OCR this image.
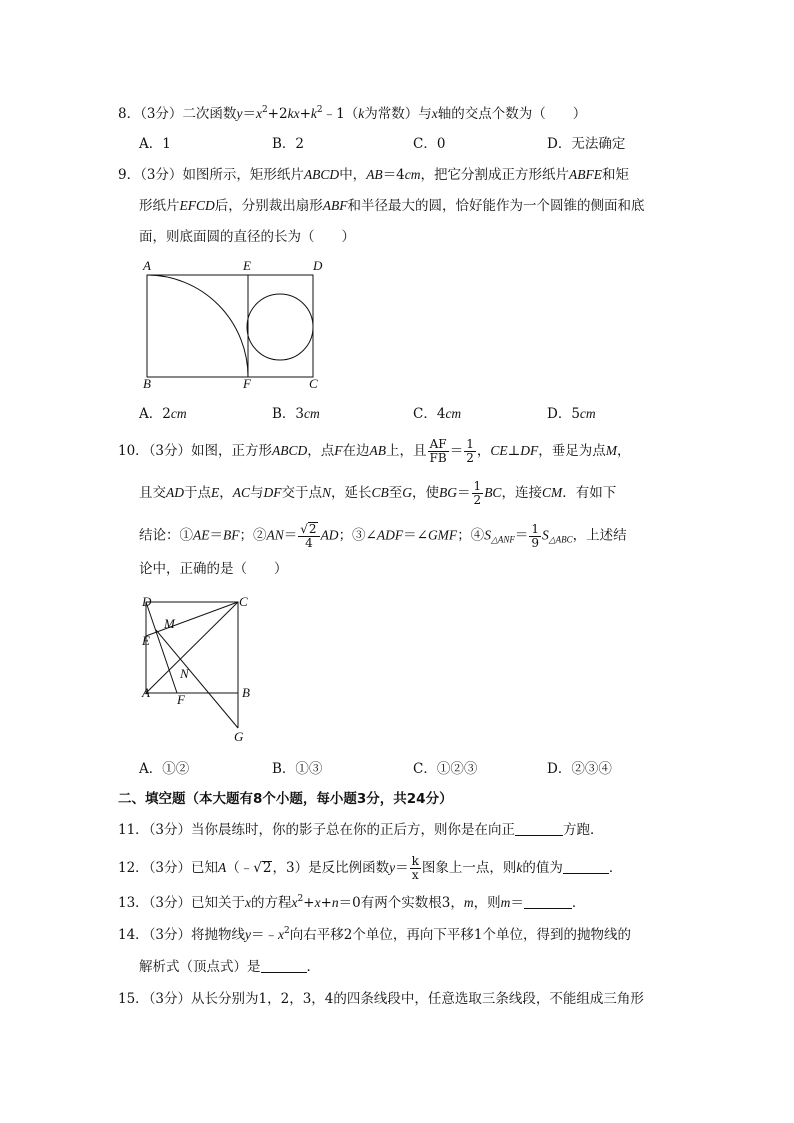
8．（3分）二次函数$y=x^2+2kx+k^2﹣1(k$为常数）与x轴的交点个数为（　　）
A．1	B．2	C．0	D．无法确定
9．（3分）如图所示，矩形纸片ABCD中，AB＝4cm，把它分割成正方形纸片ABFE和矩
形纸片EFCD后，分别裁出扇形ABF和半径最大的圆，恰好能作为一个圆锥的侧面和底
面，则底面圆的直径的长为（　　）
A	E	D
B	F	C
A．2cm	B．3cm	C．4cm	D．5cm
10．（3分）如图，正方形ABCD，点F在边AB上，且 $\frac{AF}{FB} = \frac{1}{2}$ ，CE⊥DF，垂足为点M，
且交AD于点E，AC与DF交于点N，延长CB至G，使$BG= \frac{1}{2}$ BC，连接CM．有如下
结论：①AE＝BF；②AN＝ $\frac{√2}{4}$ AD；③∠ADF＝∠GMF；$④S_{\triangle ANF}= \frac{1}{9} S_{\triangle ABC}$，上述结
论中，正确的是（　　）
D	C
M
E
N
A	B
F
G
A．①②	B．①③	C．①②③	D．②③④
二、填空题（本大题有8个小题，每小题3分，共24分）
11．（3分）当你晨练时，你的影子总在你的正后方，则你是在向正	方跑．
12．（3分）已知A（﹣√2，3）是反比例函数$y= \frac{k}{x}$ 图象上一点，则k的值为	．
13．（3分）已知关于x的方程$x^2+x+n=0$有两个实数根3，m，则m＝	．
14．（3分）将抛物线$y=﹣x^2$向右平移2个单位，再向下平移1个单位，得到的抛物线的
解析式（顶点式）是	．
15．（3分）从长分别为1，2，3，4的四条线段中，任意选取三条线段，不能组成三角形
